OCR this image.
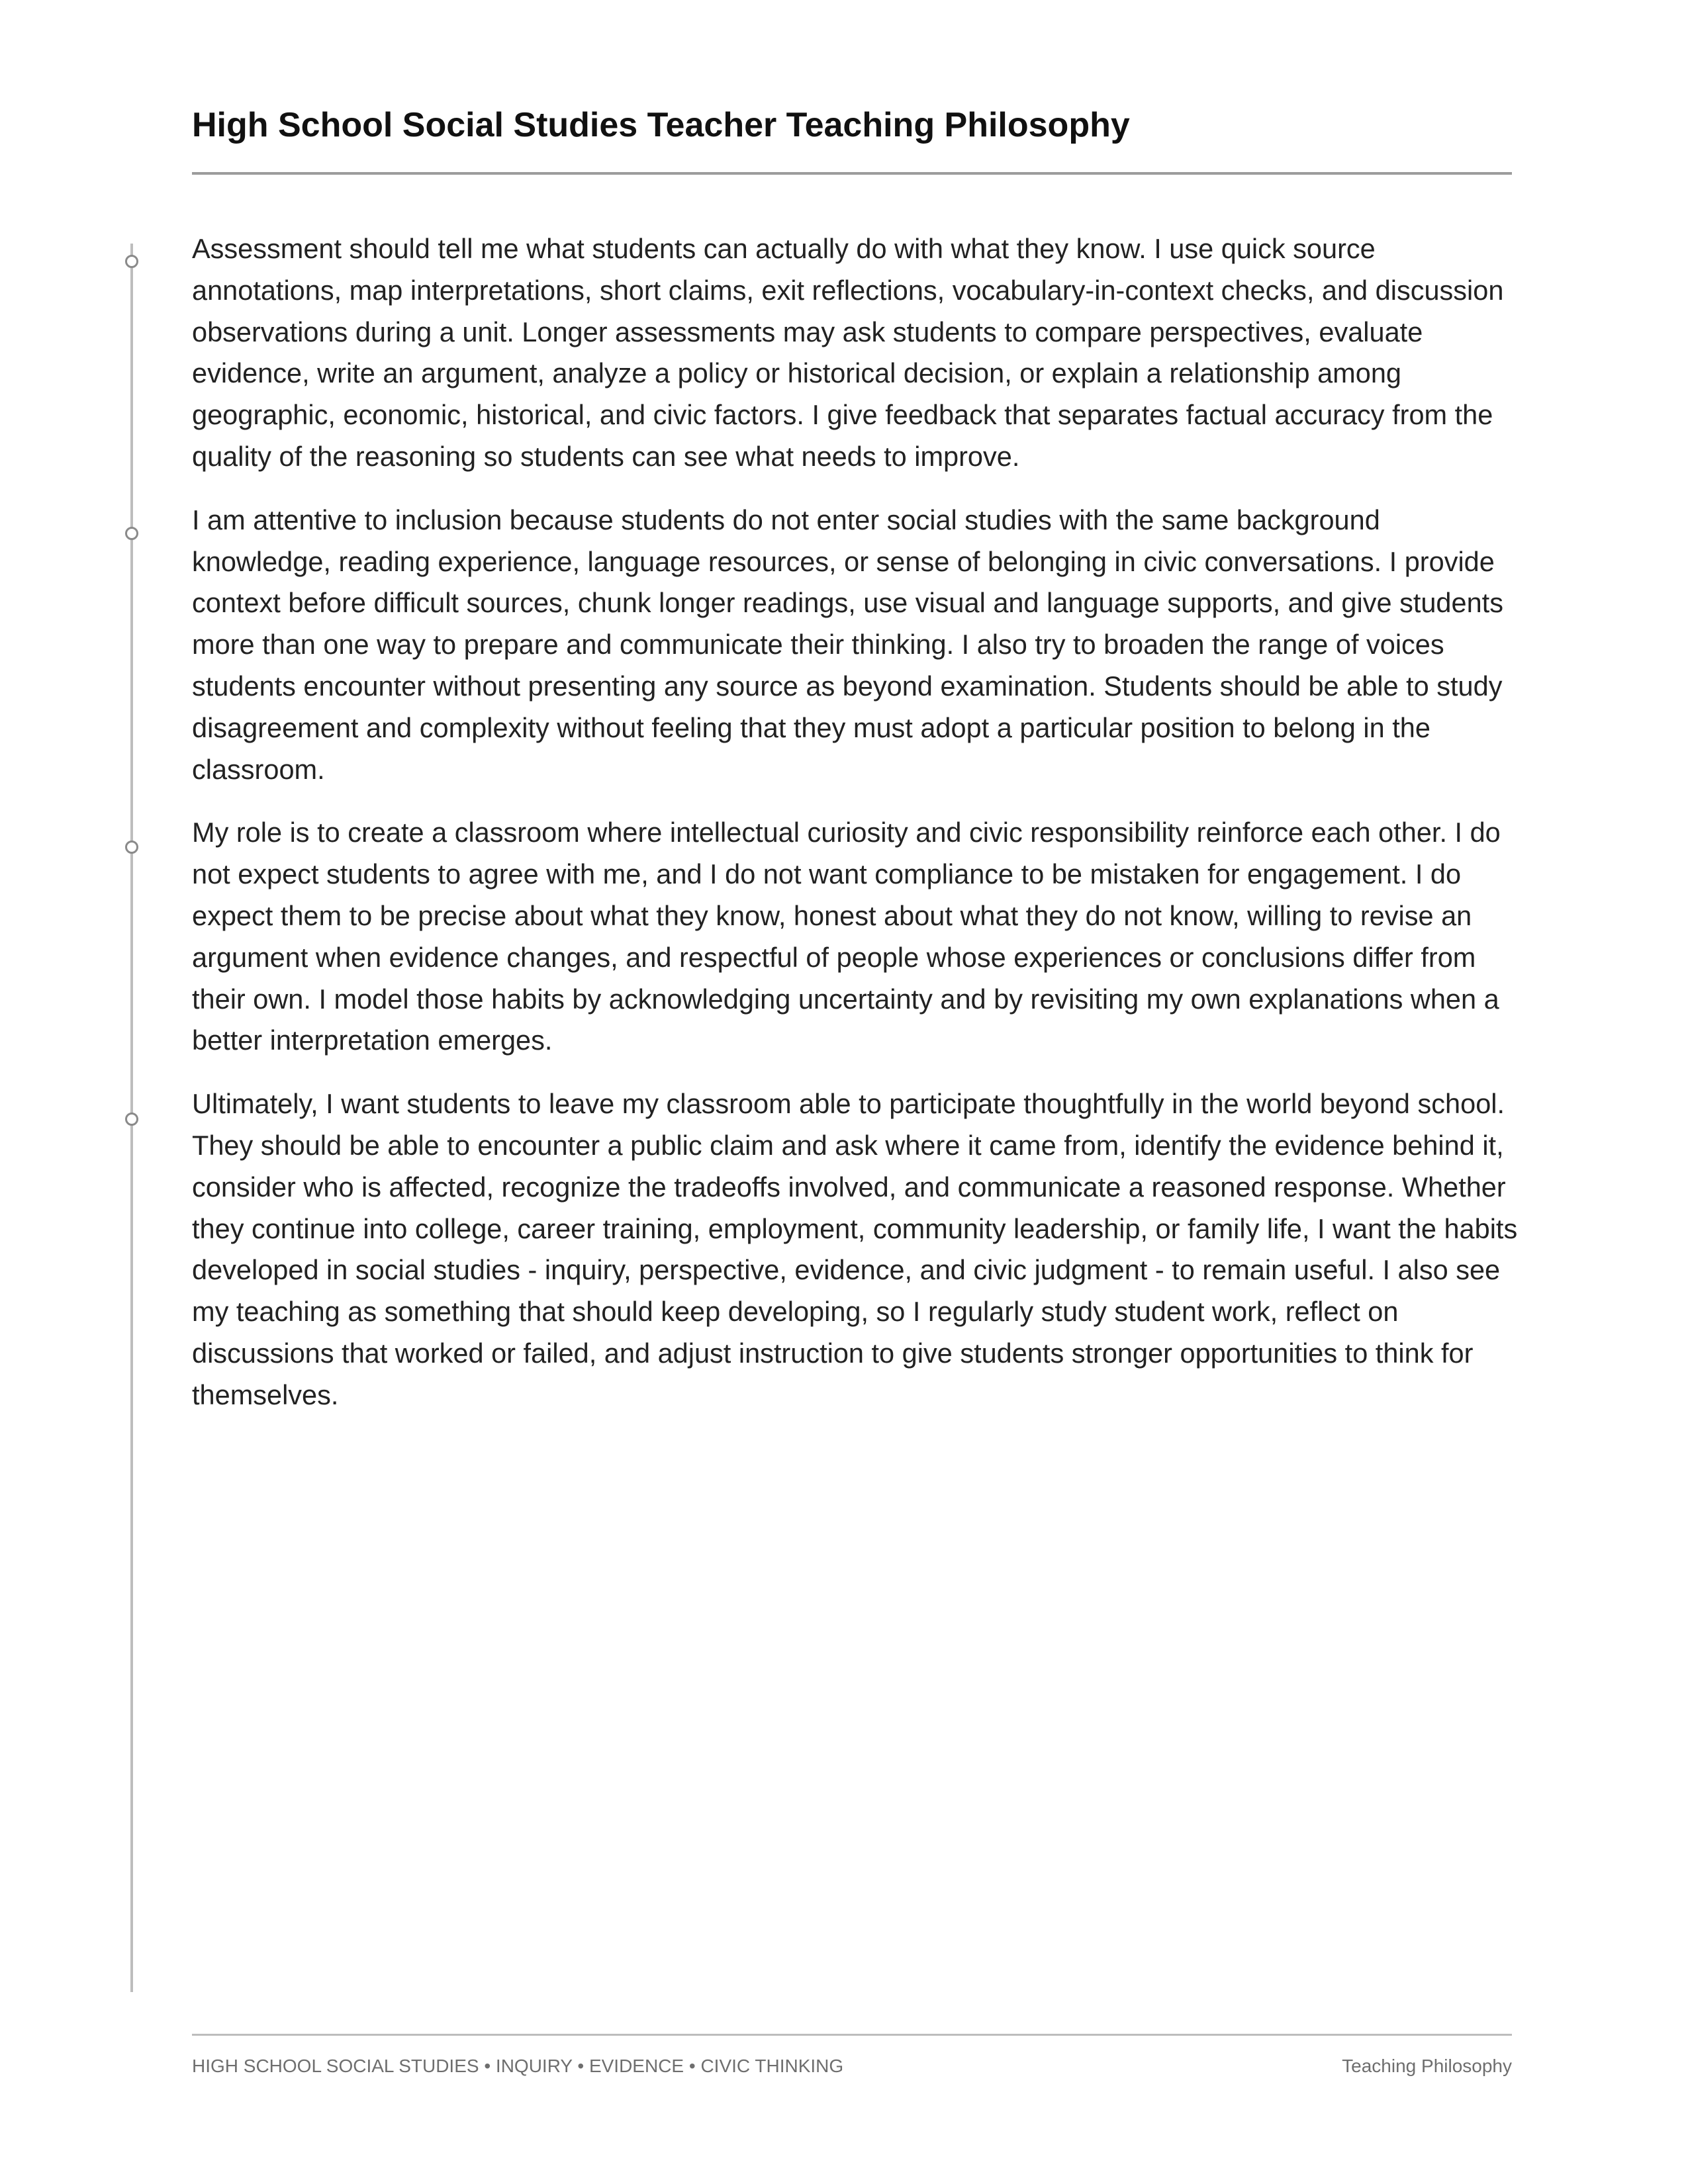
High School Social Studies Teacher Teaching Philosophy

Assessment should tell me what students can actually do with what they know. I use quick source annotations, map interpretations, short claims, exit reflections, vocabulary-in-context checks, and discussion observations during a unit. Longer assessments may ask students to compare perspectives, evaluate evidence, write an argument, analyze a policy or historical decision, or explain a relationship among geographic, economic, historical, and civic factors. I give feedback that separates factual accuracy from the quality of the reasoning so students can see what needs to improve.

I am attentive to inclusion because students do not enter social studies with the same background knowledge, reading experience, language resources, or sense of belonging in civic conversations. I provide context before difficult sources, chunk longer readings, use visual and language supports, and give students more than one way to prepare and communicate their thinking. I also try to broaden the range of voices students encounter without presenting any source as beyond examination. Students should be able to study disagreement and complexity without feeling that they must adopt a particular position to belong in the classroom.

My role is to create a classroom where intellectual curiosity and civic responsibility reinforce each other. I do not expect students to agree with me, and I do not want compliance to be mistaken for engagement. I do expect them to be precise about what they know, honest about what they do not know, willing to revise an argument when evidence changes, and respectful of people whose experiences or conclusions differ from their own. I model those habits by acknowledging uncertainty and by revisiting my own explanations when a better interpretation emerges.

Ultimately, I want students to leave my classroom able to participate thoughtfully in the world beyond school. They should be able to encounter a public claim and ask where it came from, identify the evidence behind it, consider who is affected, recognize the tradeoffs involved, and communicate a reasoned response. Whether they continue into college, career training, employment, community leadership, or family life, I want the habits developed in social studies - inquiry, perspective, evidence, and civic judgment - to remain useful. I also see my teaching as something that should keep developing, so I regularly study student work, reflect on discussions that worked or failed, and adjust instruction to give students stronger opportunities to think for themselves.

HIGH SCHOOL SOCIAL STUDIES • INQUIRY • EVIDENCE • CIVIC THINKING	Teaching Philosophy
